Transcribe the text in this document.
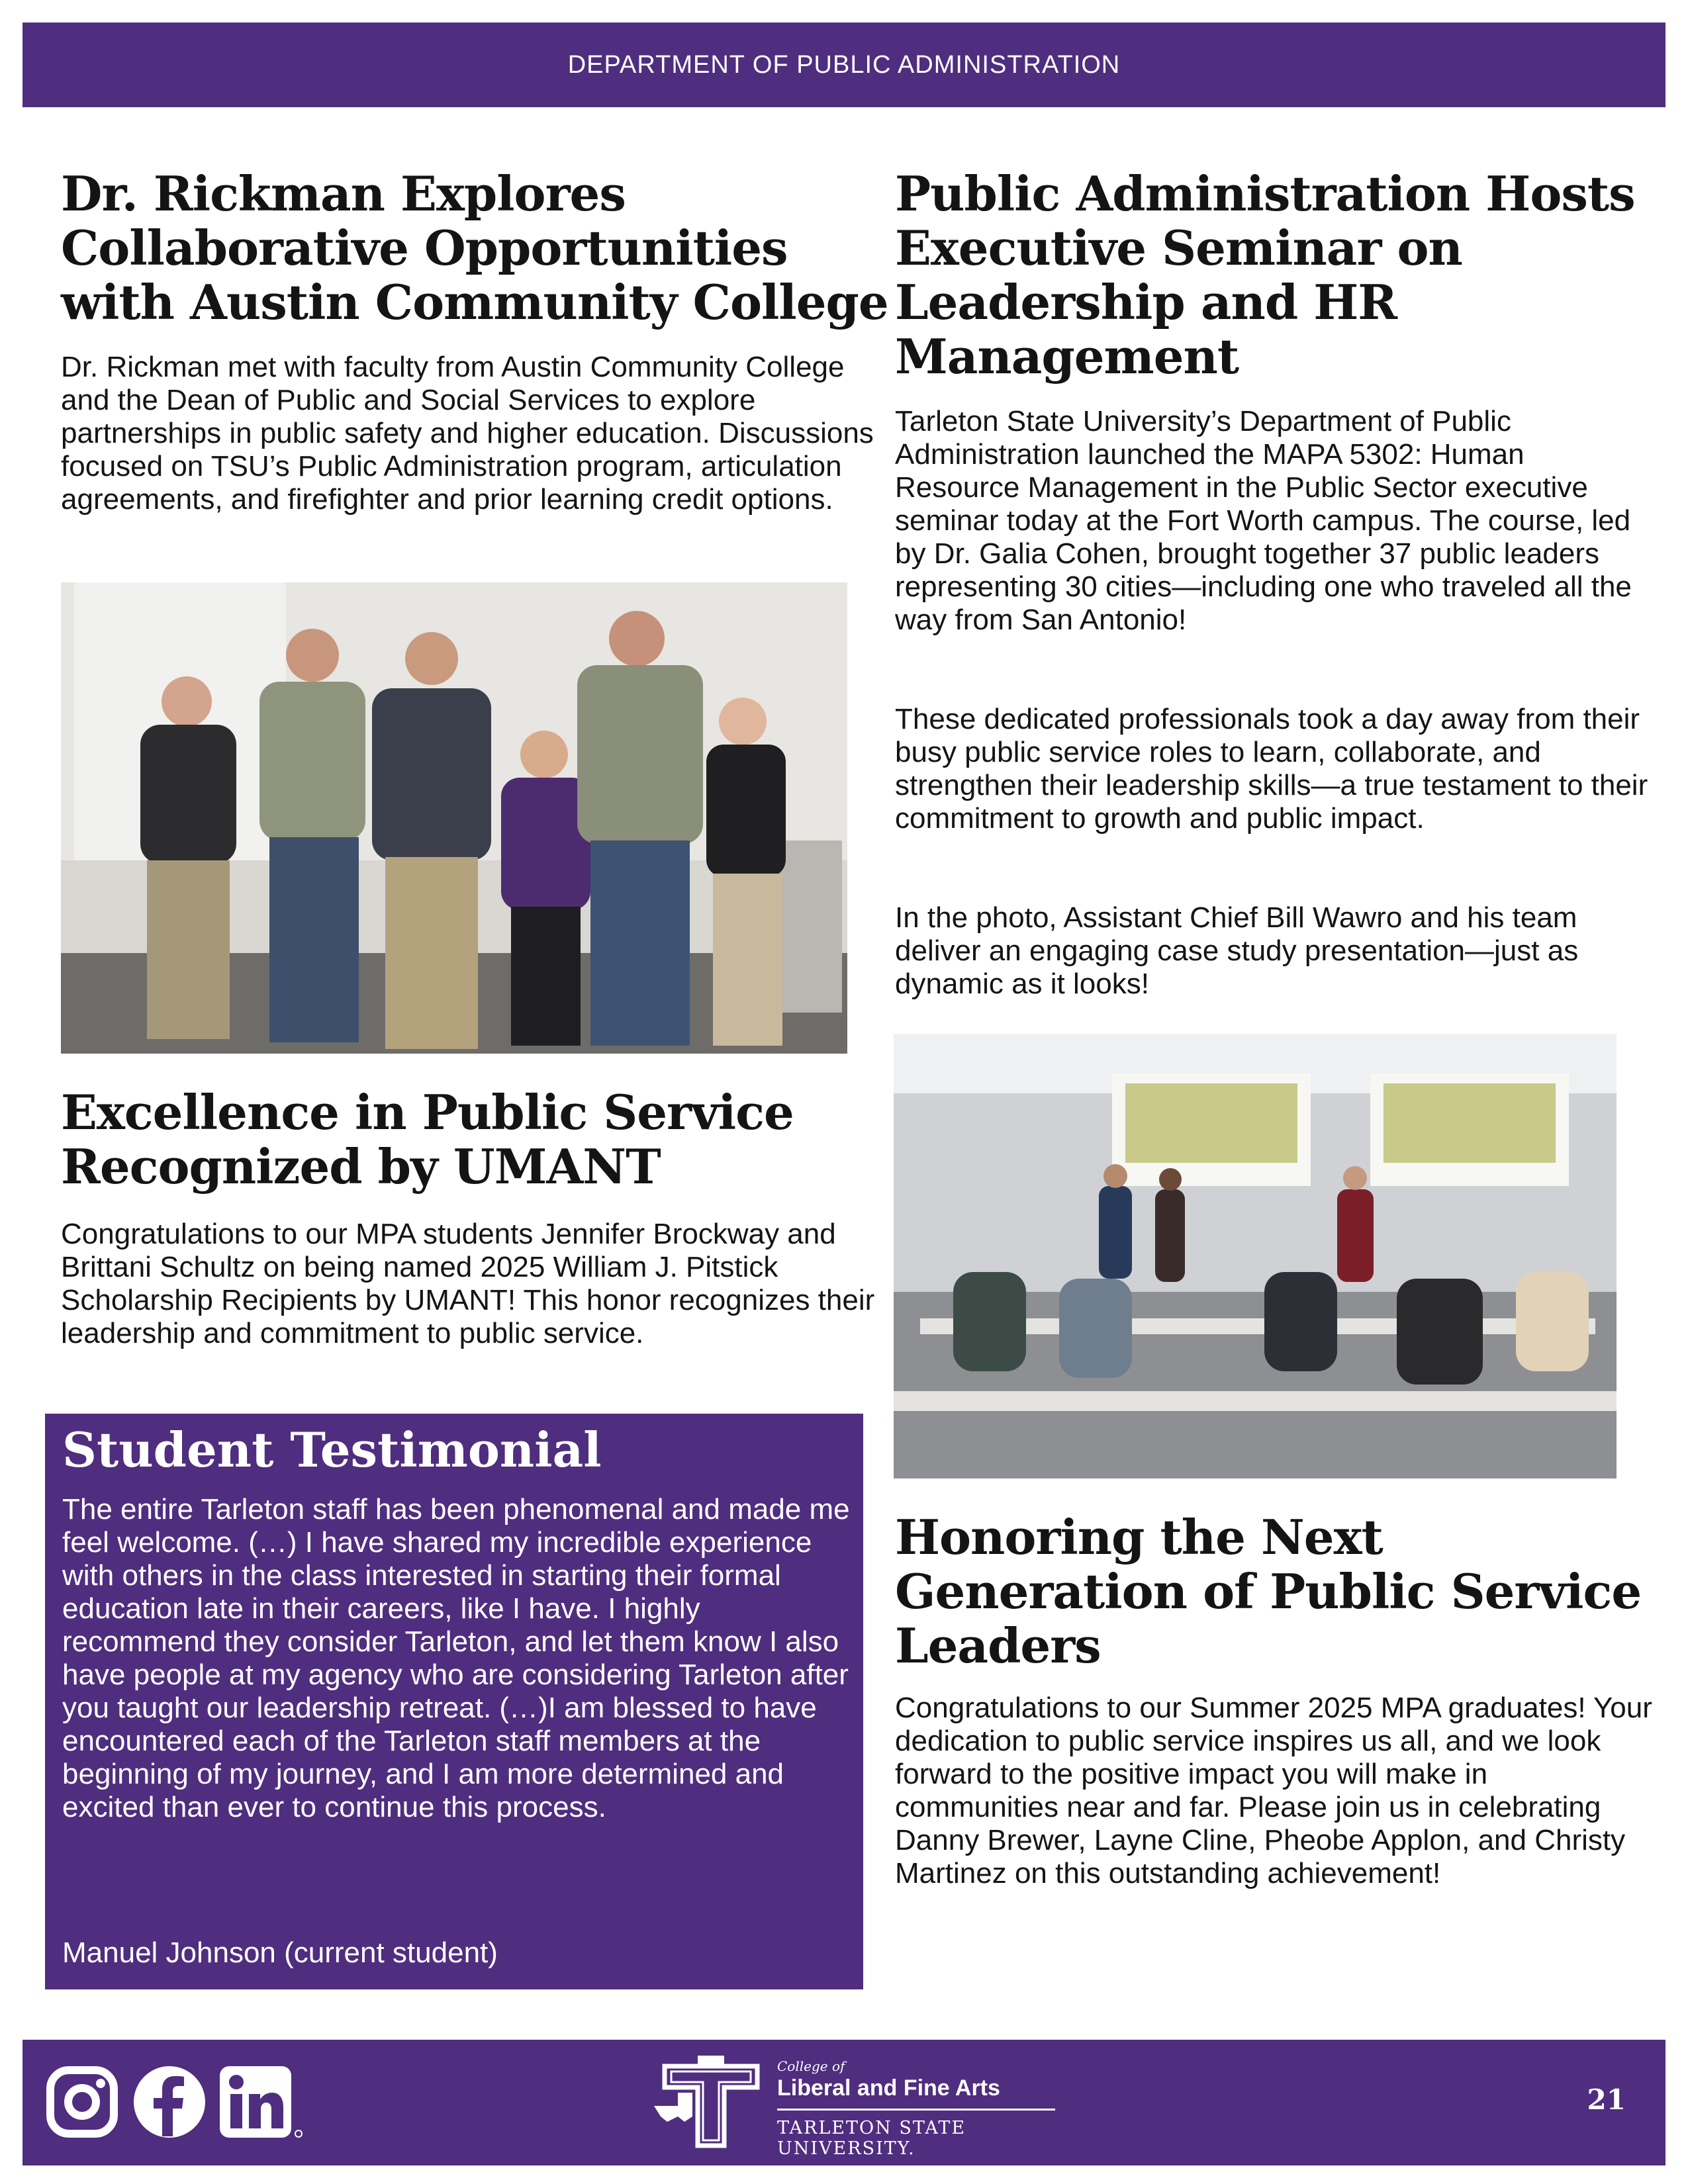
DEPARTMENT OF PUBLIC ADMINISTRATION
Dr. Rickman Explores Collaborative Opportunities with Austin Community College

Dr. Rickman met with faculty from Austin Community College and the Dean of Public and Social Services to explore partnerships in public safety and higher education. Discussions focused on TSU’s Public Administration program, articulation agreements, and firefighter and prior learning credit options.

Excellence in Public Service Recognized by UMANT

Congratulations to our MPA students Jennifer Brockway and Brittani Schultz on being named 2025 William J. Pitstick Scholarship Recipients by UMANT! This honor recognizes their leadership and commitment to public service.

Student Testimonial

The entire Tarleton staff has been phenomenal and made me feel welcome. (…) I have shared my incredible experience with others in the class interested in starting their formal education late in their careers, like I have. I highly recommend they consider Tarleton, and let them know I also have people at my agency who are considering Tarleton after you taught our leadership retreat. (…)I am blessed to have encountered each of the Tarleton staff members at the beginning of my journey, and I am more determined and excited than ever to continue this process.

Manuel Johnson (current student)

Public Administration Hosts Executive Seminar on Leadership and HR Management

Tarleton State University’s Department of Public Administration launched the MAPA 5302: Human Resource Management in the Public Sector executive seminar today at the Fort Worth campus. The course, led by Dr. Galia Cohen, brought together 37 public leaders representing 30 cities—including one who traveled all the way from San Antonio!

These dedicated professionals took a day away from their busy public service roles to learn, collaborate, and strengthen their leadership skills—a true testament to their commitment to growth and public impact.

In the photo, Assistant Chief Bill Wawro and his team deliver an engaging case study presentation—just as dynamic as it looks!

Honoring the Next Generation of Public Service Leaders

Congratulations to our Summer 2025 MPA graduates! Your dedication to public service inspires us all, and we look forward to the positive impact you will make in communities near and far. Please join us in celebrating Danny Brewer, Layne Cline, Pheobe Applon, and Christy Martinez on this outstanding achievement!

College of
Liberal and Fine Arts
TARLETON STATE UNIVERSITY.
21
